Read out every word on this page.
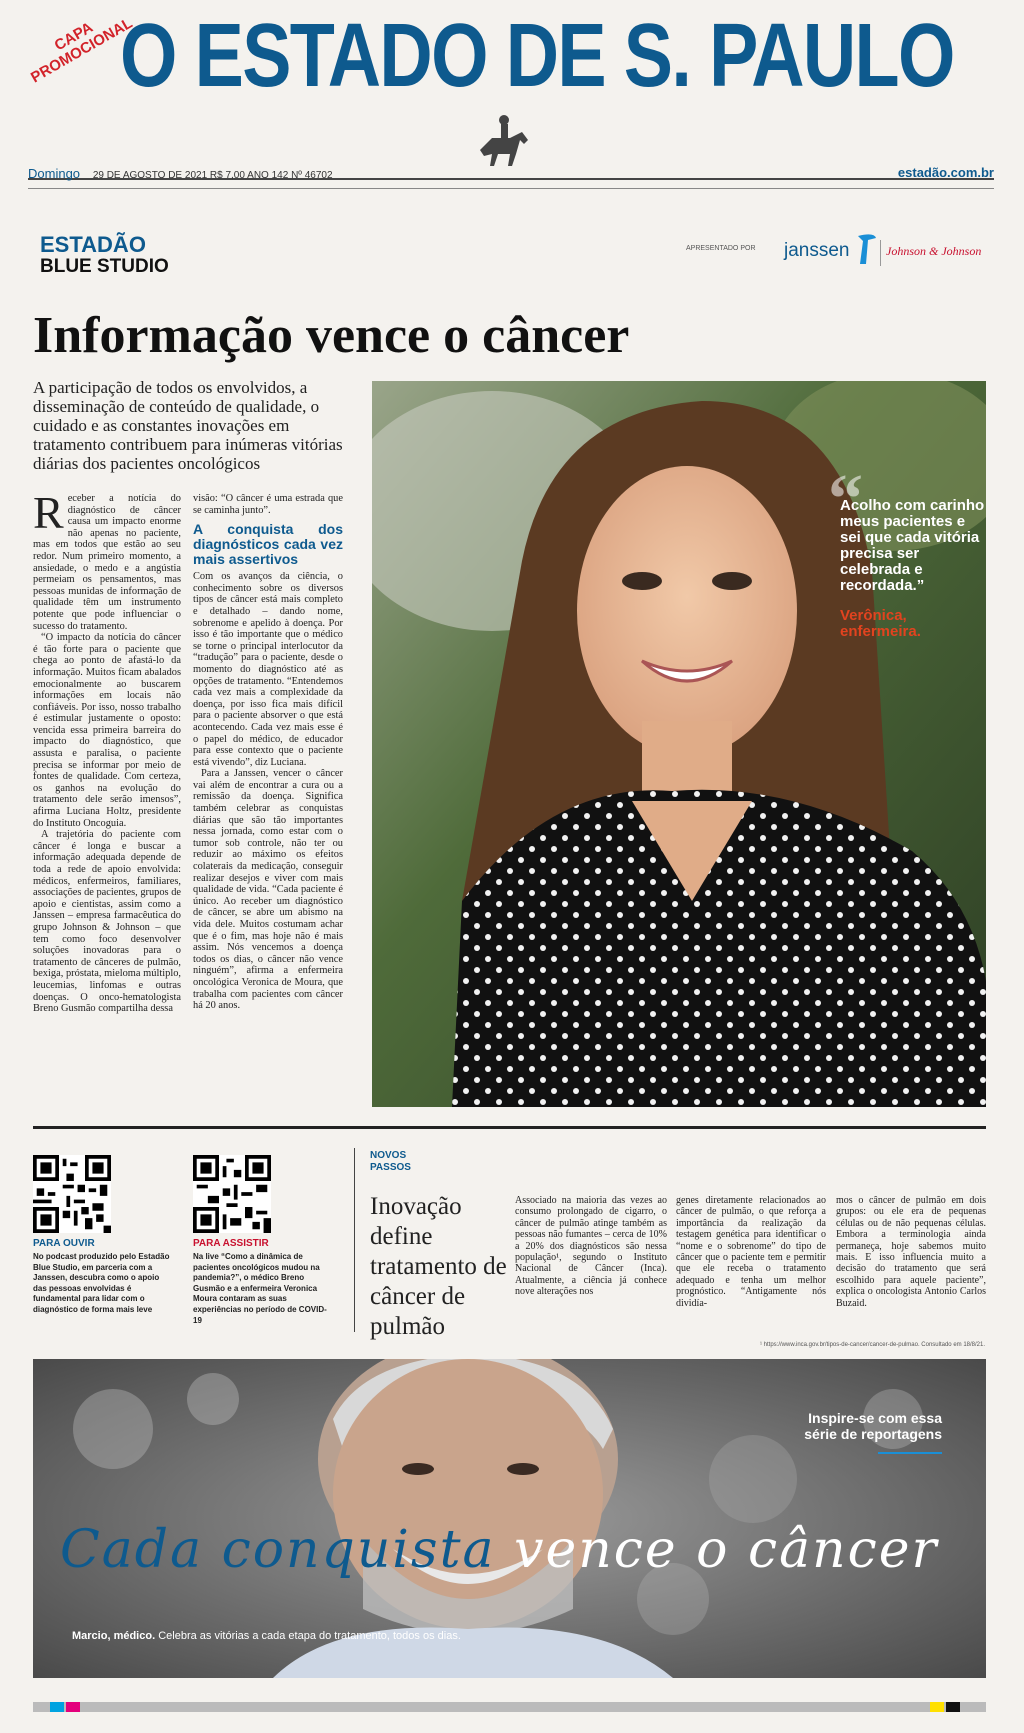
CAPA PROMOCIONAL
O ESTADO DE S. PAULO
Domingo 29 DE AGOSTO DE 2021 R$ 7,00 ANO 142 Nº 46702	estadão.com.br
ESTADÃO
BLUE STUDIO
APRESENTADO POR janssen	Johnson & Johnson
Informação vence o câncer
A participação de todos os envolvidos, a disseminação de conteúdo de qualidade, o cuidado e as constantes inovações em tratamento contribuem para inúmeras vitórias diárias dos pacientes oncológicos
R eceber a notícia do diagnóstico de câncer causa um impacto enorme não apenas no paciente, mas em todos que estão ao seu redor. Num primeiro momento, a ansiedade, o medo e a angústia permeiam os pensamentos, mas pessoas munidas de informação de qualidade têm um instrumento potente que pode influenciar o sucesso do tratamento.

“O impacto da notícia do câncer é tão forte para o paciente que chega ao ponto de afastá-lo da informação. Muitos ficam abalados emocionalmente ao buscarem informações em locais não confiáveis. Por isso, nosso trabalho é estimular justamente o oposto: vencida essa primeira barreira do impacto do diagnóstico, que assusta e paralisa, o paciente precisa se informar por meio de fontes de qualidade. Com certeza, os ganhos na evolução do tratamento dele serão imensos”, afirma Luciana Holtz, presidente do Instituto Oncoguia.

A trajetória do paciente com câncer é longa e buscar a informação adequada depende de toda a rede de apoio envolvida: médicos, enfermeiros, familiares, associações de pacientes, grupos de apoio e cientistas, assim como a Janssen – empresa farmacêutica do grupo Johnson & Johnson – que tem como foco desenvolver soluções inovadoras para o tratamento de cânceres de pulmão, bexiga, próstata, mieloma múltiplo, leucemias, linfomas e outras doenças. O onco-hematologista Breno Gusmão compartilha dessa

visão: “O câncer é uma estrada que se caminha junto”.
A conquista dos diagnósticos cada vez mais assertivos

Com os avanços da ciência, o conhecimento sobre os diversos tipos de câncer está mais completo e detalhado – dando nome, sobrenome e apelido à doença. Por isso é tão importante que o médico se torne o principal interlocutor da “tradução” para o paciente, desde o momento do diagnóstico até as opções de tratamento. “Entendemos cada vez mais a complexidade da doença, por isso fica mais difícil para o paciente absorver o que está acontecendo. Cada vez mais esse é o papel do médico, de educador para esse contexto que o paciente está vivendo”, diz Luciana.

Para a Janssen, vencer o câncer vai além de encontrar a cura ou a remissão da doença. Significa também celebrar as conquistas diárias que são tão importantes nessa jornada, como estar com o tumor sob controle, não ter ou reduzir ao máximo os efeitos colaterais da medicação, conseguir realizar desejos e viver com mais qualidade de vida. “Cada paciente é único. Ao receber um diagnóstico de câncer, se abre um abismo na vida dele. Muitos costumam achar que é o fim, mas hoje não é mais assim. Nós vencemos a doença todos os dias, o câncer não vence ninguém”, afirma a enfermeira oncológica Veronica de Moura, que trabalha com pacientes com câncer há 20 anos.

“
Acolho com carinho meus pacientes e sei que cada vitória precisa ser celebrada e recordada.”
Verônica, enfermeira.
PARA OUVIR
No podcast produzido pelo Estadão Blue Studio, em parceria com a Janssen, descubra como o apoio das pessoas envolvidas é fundamental para lidar com o diagnóstico de forma mais leve
PARA ASSISTIR
Na live “Como a dinâmica de pacientes oncológicos mudou na pandemia?”, o médico Breno Gusmão e a enfermeira Veronica Moura contaram as suas experiências no período de COVID-19
NOVOS PASSOS
Inovação define tratamento de câncer de pulmão
Associado na maioria das vezes ao consumo prolongado de cigarro, o câncer de pulmão atinge também as pessoas não fumantes – cerca de 10% a 20% dos diagnósticos são nessa população¹, segundo o Instituto Nacional de Câncer (Inca). Atualmente, a ciência já conhece nove alterações nos
genes diretamente relacionados ao câncer de pulmão, o que reforça a importância da realização da testagem genética para identificar o “nome e o sobrenome” do tipo de câncer que o paciente tem e permitir que ele receba o tratamento adequado e tenha um melhor prognóstico. “Antigamente nós dividía-
mos o câncer de pulmão em dois grupos: ou ele era de pequenas células ou de não pequenas células. Embora a terminologia ainda permaneça, hoje sabemos muito mais. E isso influencia muito a decisão do tratamento que será escolhido para aquele paciente”, explica o oncologista Antonio Carlos Buzaid.
¹ https://www.inca.gov.br/tipos-de-cancer/cancer-de-pulmao. Consultado em 18/8/21.
Inspire-se com essa série de reportagens
Cada conquista vence o câncer
Marcio, médico. Celebra as vitórias a cada etapa do tratamento, todos os dias.
